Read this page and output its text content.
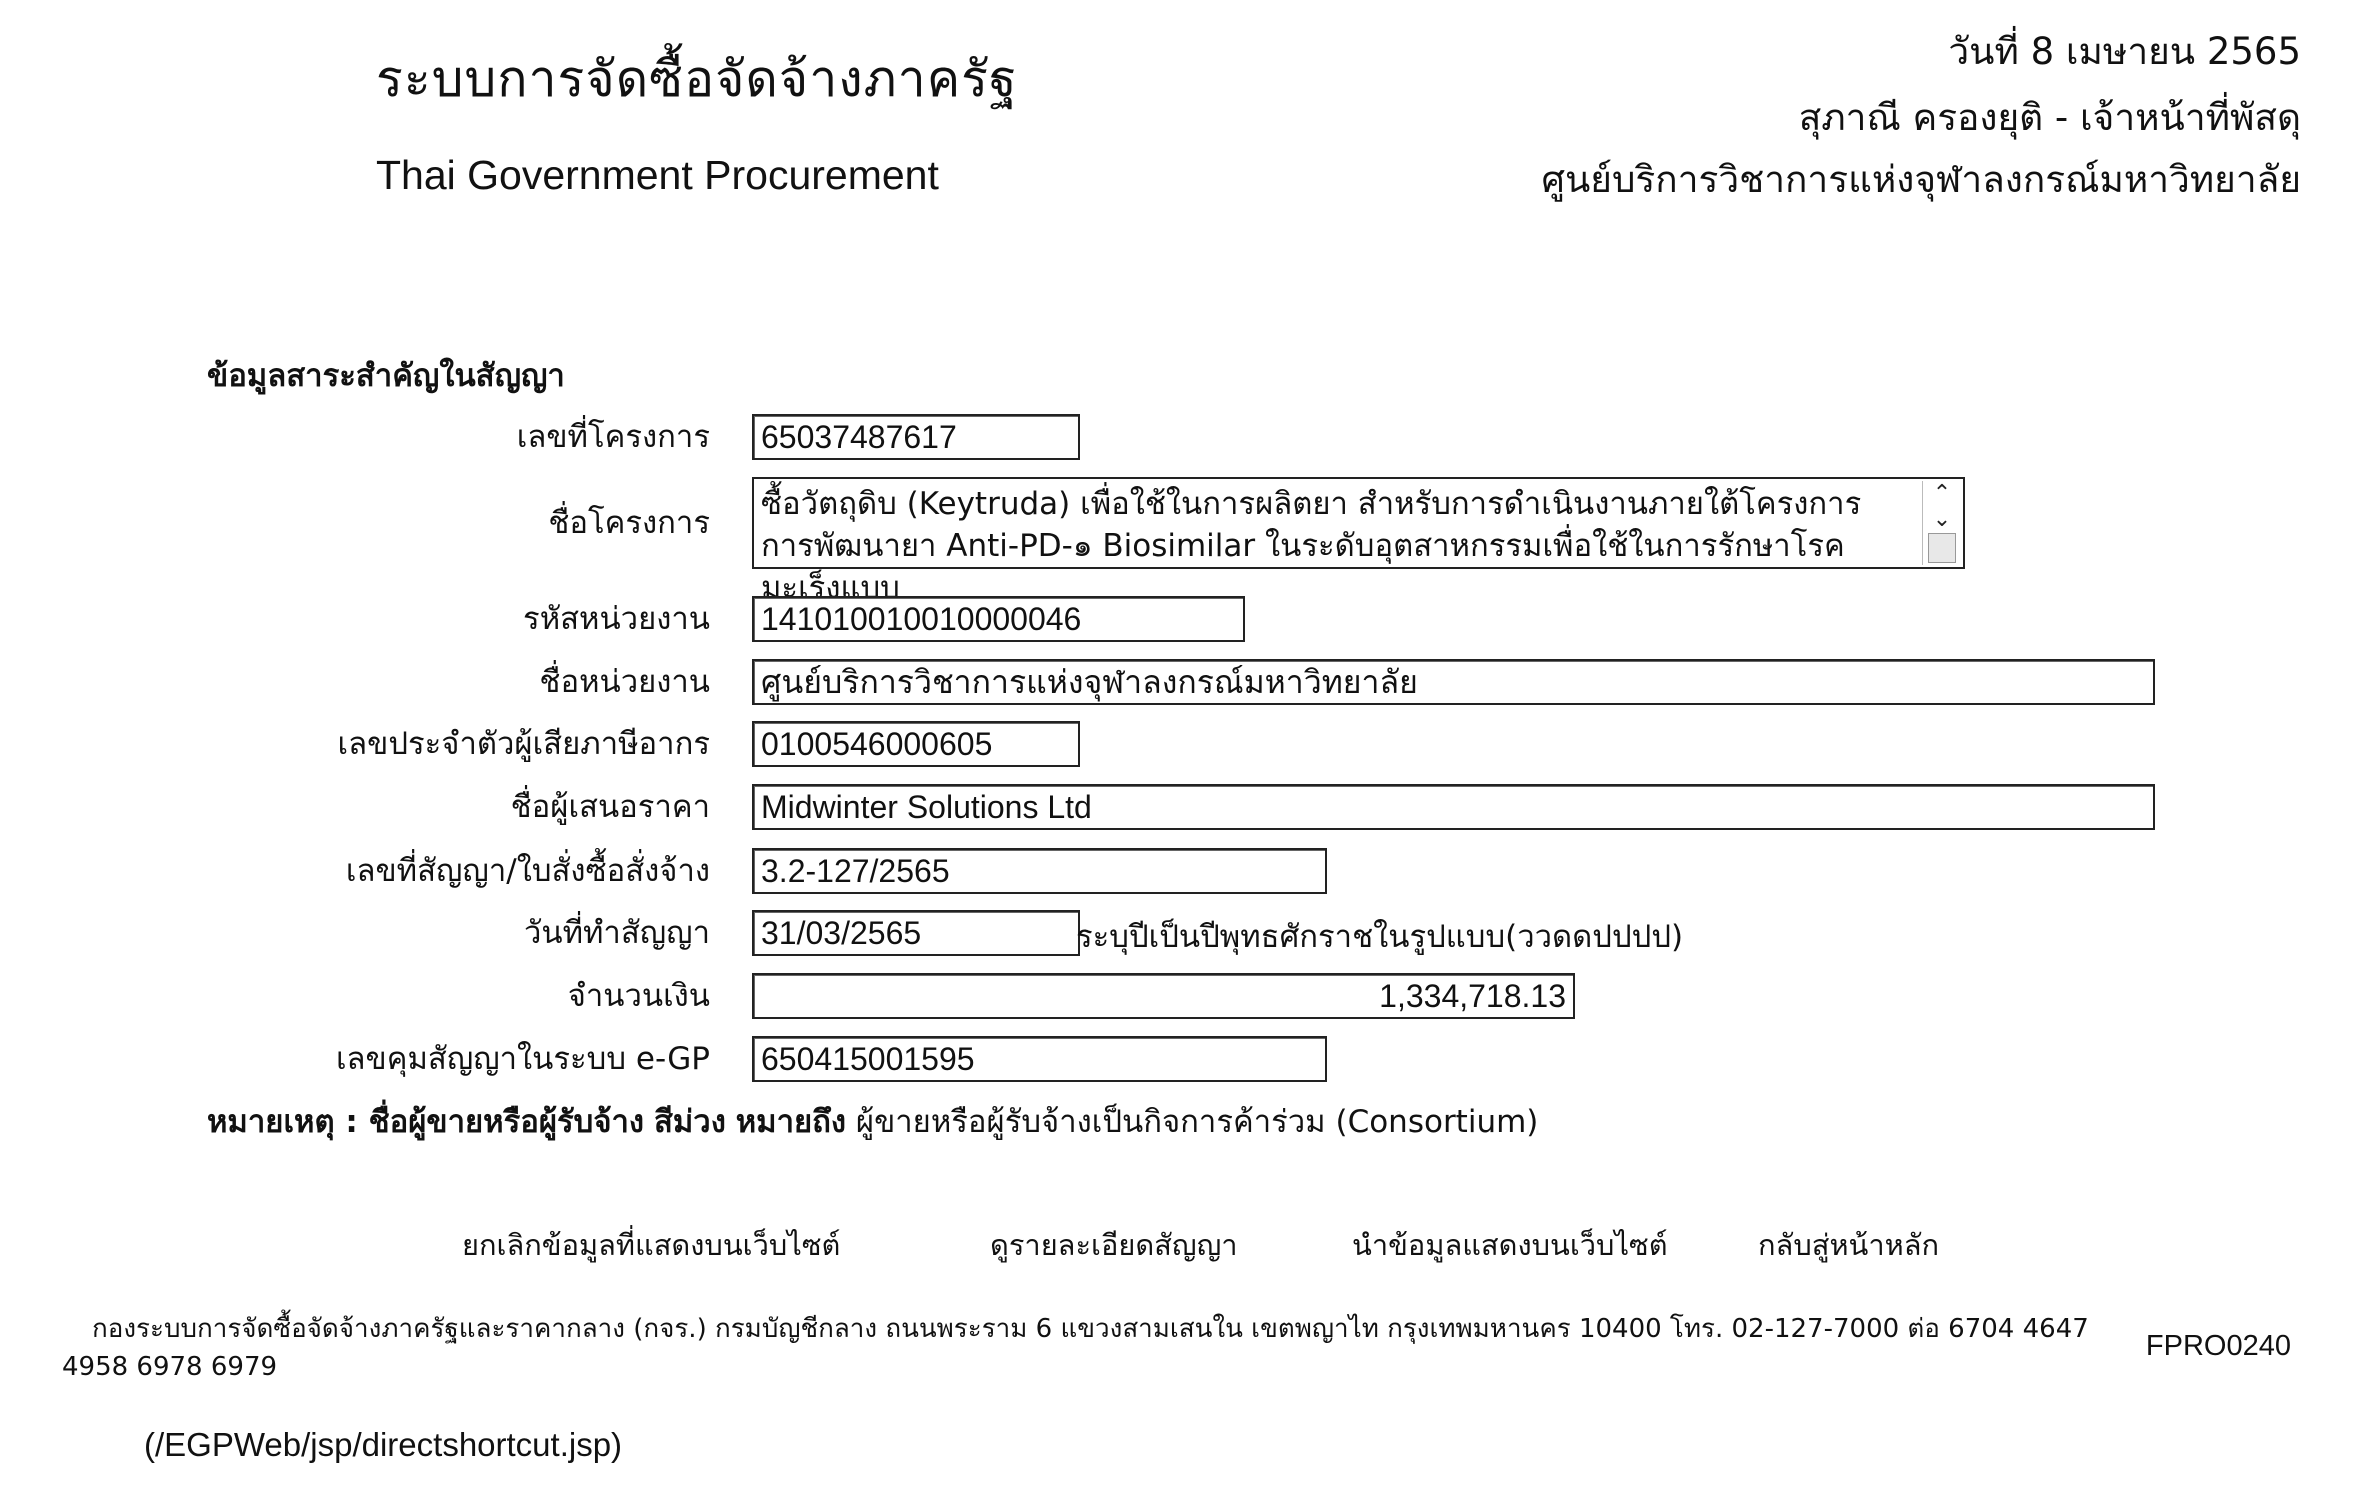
ระบบการจัดซื้อจัดจ้างภาครัฐ
Thai Government Procurement
วันที่ 8 เมษายน 2565
สุภาณี ครองยุติ - เจ้าหน้าที่พัสดุ
ศูนย์บริการวิชาการแห่งจุฬาลงกรณ์มหาวิทยาลัย
ข้อมูลสาระสำคัญในสัญญา
เลขที่โครงการ 65037487617
ชื่อโครงการ
ซื้อวัตถุดิบ (Keytruda) เพื่อใช้ในการผลิตยา สำหรับการดำเนินงานภายใต้โครงการ การพัฒนายา Anti-PD-๑ Biosimilar ในระดับอุตสาหกรรมเพื่อใช้ในการรักษาโรคมะเร็งแบบ
⌃
⌄
รหัสหน่วยงาน 141010010010000046
ชื่อหน่วยงาน ศูนย์บริการวิชาการแห่งจุฬาลงกรณ์มหาวิทยาลัย
เลขประจำตัวผู้เสียภาษีอากร 0100546000605
ชื่อผู้เสนอราคา Midwinter Solutions Ltd
เลขที่สัญญา/ใบสั่งซื้อสั่งจ้าง 3.2-127/2565
วันที่ทำสัญญา 31/03/2565	ระบุปีเป็นปีพุทธศักราชในรูปแบบ(ววดดปปปป)
จำนวนเงิน	1,334,718.13
เลขคุมสัญญาในระบบ e-GP 650415001595
หมายเหตุ : ชื่อผู้ขายหรือผู้รับจ้าง สีม่วง หมายถึง ผู้ขายหรือผู้รับจ้างเป็นกิจการค้าร่วม (Consortium)
ยกเลิกข้อมูลที่แสดงบนเว็บไซต์	ดูรายละเอียดสัญญา	นำข้อมูลแสดงบนเว็บไซต์	กลับสู่หน้าหลัก
กองระบบการจัดซื้อจัดจ้างภาครัฐและราคากลาง (กจร.) กรมบัญชีกลาง ถนนพระราม 6 แขวงสามเสนใน เขตพญาไท กรุงเทพมหานคร 10400 โทร. 02-127-7000 ต่อ 6704 4647 4958 6978 6979
FPRO0240
(/EGPWeb/jsp/directshortcut.jsp)
